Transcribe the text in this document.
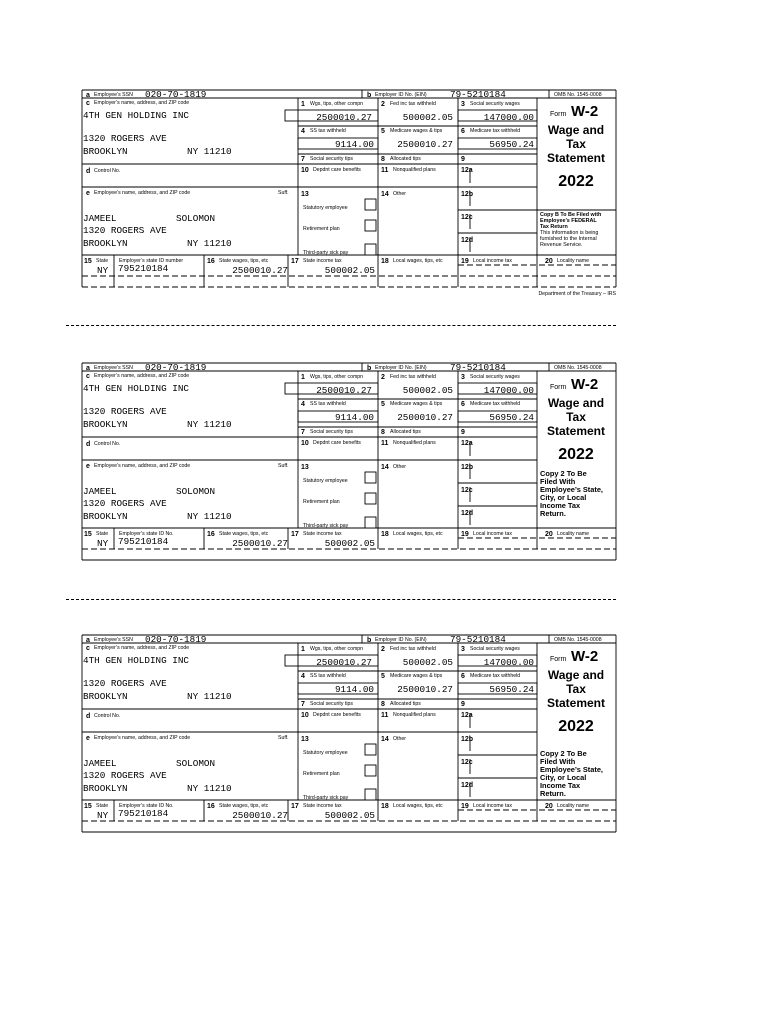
a Employee’s SSN 020-70-1819	b Employer ID No. (EIN)	79-5210184	OMB No. 1545-0008
c Employer’s name, address, and ZIP code
4TH GEN HOLDING INC
1320 ROGERS AVE
BROOKLYN	NY 11210
d Control No.
e Employee’s name, address, and ZIP code	Suff.
JAMEEL	SOLOMON
1320 ROGERS AVE
BROOKLYN	NY 11210
1 Wgs, tips, other compn
2500010.27
2 Fed inc tax withheld
500002.05
3 Social security wages
147000.00
4 SS tax withheld
9114.00
5 Medicare wages & tips
2500010.27
6 Medicare tax withheld
56950.24
7 Social security tips	8 Allocated tips	9
10 Depdnt care benefits	11 Nonqualified plans	12a
13
Statutory employee
Retirement plan
Third-party sick pay
14 Other	12b
12c
12d
Form W-2
Wage and
Tax
Statement
2022
Copy B To Be Filed with
Employee’s FEDERAL
Tax Return
This information is being
furnished to the Internal
Revenue Service.
15 State Employer’s state ID number
NY 795210184
16 State wages, tips, etc
2500010.27
17 State income tax
500002.05
18 Local wages, tips, etc	19 Local income tax	20 Locality name
Department of the Treasury – IRS
a Employee’s SSN 020-70-1819	b Employer ID No. (EIN)	79-5210184	OMB No. 1545-0008
c Employer’s name, address, and ZIP code
4TH GEN HOLDING INC
1320 ROGERS AVE
BROOKLYN	NY 11210
d Control No.
e Employee’s name, address, and ZIP code	Suff.
JAMEEL	SOLOMON
1320 ROGERS AVE
BROOKLYN	NY 11210
1 Wgs, tips, other compn
2500010.27
2 Fed inc tax withheld
500002.05
3 Social security wages
147000.00
4 SS tax withheld
9114.00
5 Medicare wages & tips
2500010.27
6 Medicare tax withheld
56950.24
7 Social security tips	8 Allocated tips	9
10 Depdnt care benefits	11 Nonqualified plans	12a
13
Statutory employee
Retirement plan
Third-party sick pay
14 Other	12b
12c
12d
Form W-2
Wage and
Tax
Statement
2022
Copy 2 To Be
Filed With
Employee’s State,
City, or Local
Income Tax
Return.
15 State Employer’s state ID No.
NY 795210184
16 State wages, tips, etc
2500010.27
17 State income tax
500002.05
18 Local wages, tips, etc	19 Local income tax	20 Locality name
a Employee’s SSN 020-70-1819	b Employer ID No. (EIN)	79-5210184	OMB No. 1545-0008
c Employer’s name, address, and ZIP code
4TH GEN HOLDING INC
1320 ROGERS AVE
BROOKLYN	NY 11210
d Control No.
e Employee’s name, address, and ZIP code	Suff.
JAMEEL	SOLOMON
1320 ROGERS AVE
BROOKLYN	NY 11210
1 Wgs, tips, other compn
2500010.27
2 Fed inc tax withheld
500002.05
3 Social security wages
147000.00
4 SS tax withheld
9114.00
5 Medicare wages & tips
2500010.27
6 Medicare tax withheld
56950.24
7 Social security tips	8 Allocated tips	9
10 Depdnt care benefits	11 Nonqualified plans	12a
13
Statutory employee
Retirement plan
Third-party sick pay
14 Other	12b
12c
12d
Form W-2
Wage and
Tax
Statement
2022
Copy 2 To Be
Filed With
Employee’s State,
City, or Local
Income Tax
Return.
15 State Employer’s state ID No.
NY 795210184
16 State wages, tips, etc
2500010.27
17 State income tax
500002.05
18 Local wages, tips, etc	19 Local income tax	20 Locality name
